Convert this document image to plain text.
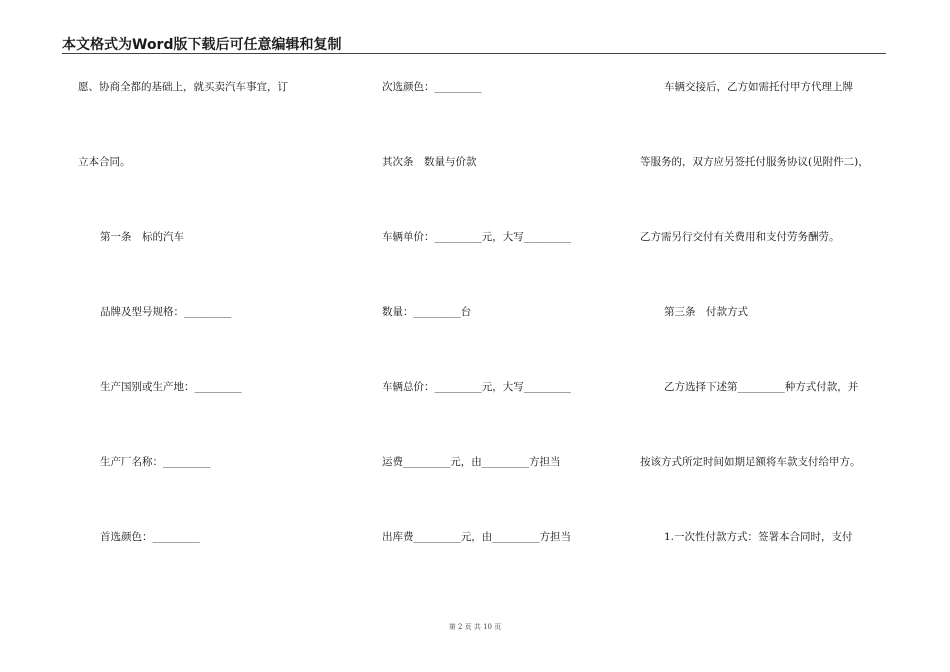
本文格式为Word版下载后可任意编辑和复制
愿、协商全都的基础上，就买卖汽车事宜，订
立本合同。
第一条　标的汽车
品牌及型号规格：_________
生产国别或生产地：_________
生产厂名称：_________
首选颜色：_________
次选颜色：_________
其次条　数量与价款
车辆单价：_________元，大写_________
数量：_________台
车辆总价：_________元，大写_________
运费_________元，由_________方担当
出库费_________元，由_________方担当
车辆交接后，乙方如需托付甲方代理上牌
等服务的，双方应另签托付服务协议(见附件二)，
乙方需另行交付有关费用和支付劳务酬劳。
第三条　付款方式
乙方选择下述第_________种方式付款，并
按该方式所定时间如期足额将车款支付给甲方。
1.一次性付款方式：签署本合同时，支付
第 2 页 共 10 页
